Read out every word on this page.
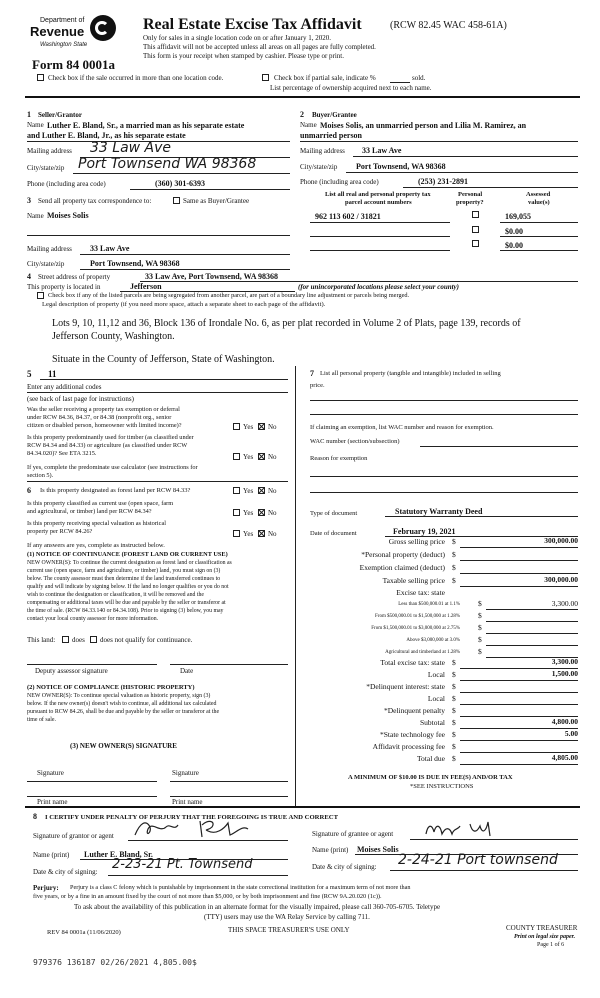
Department of
Revenue
Washington State
Real Estate Excise Tax Affidavit	(RCW 82.45 WAC 458-61A)
Only for sales in a single location code on or after January 1, 2020.
This affidavit will not be accepted unless all areas on all pages are fully completed.
This form is your receipt when stamped by cashier. Please type or print.
Form 84 0001a
Check box if the sale occurred in more than one location code.	Check box if partial sale, indicate %	sold.
List percentage of ownership acquired next to each name.
1 Seller/Grantor
Name Luther E. Bland, Sr., a married man as his separate estate
and Luther E. Bland, Jr., as his separate estate
Mailing address 33 Law Ave
City/state/zip Port Townsend WA 98368
Phone (including area code)	(360) 301-6393
2 Buyer/Grantee
Name Moises Solis, an unmarried person and Lilia M. Ramirez, an
unmarried person
Mailing address 33 Law Ave
City/state/zip Port Townsend, WA 98368
Phone (including area code)	(253) 231-2891
List all real and personal property tax
parcel account numbers
Personal
property?
Assessed
value(s)
962 113 602 / 31821	169,055
$0.00
$0.00
3 Send all property tax correspondence to:	Same as Buyer/Grantee
Name Moises Solis
Mailing address 33 Law Ave
City/state/zip	Port Townsend, WA 98368
4 Street address of property	33 Law Ave, Port Townsend, WA 98368
This property is located in	Jefferson	(for unincorporated locations please select your county)
Check box if any of the listed parcels are being segregated from another parcel, are part of a boundary line adjustment or parcels being merged.
Legal description of property (if you need more space, attach a separate sheet to each page of the affidavit).
Lots 9, 10, 11,12 and 36, Block 136 of Irondale No. 6, as per plat recorded in Volume 2 of Plats, page 139, records of
Jefferson County, Washington.
Situate in the County of Jefferson, State of Washington.
5 11
Enter any additional codes
(see back of last page for instructions)
Was the seller receiving a property tax exemption or deferral
under RCW 84.36, 84.37, or 84.38 (nonprofit org., senior
citizen or disabled person, homeowner with limited income)?	Yes No
Is this property predominantly used for timber (as classified under
RCW 84.34 and 84.33) or agriculture (as classified under RCW
84.34.020)? See ETA 3215.	Yes No
If yes, complete the predominate use calculator (see instructions for
section 5).
6 Is this property designated as forest land per RCW 84.33?	Yes No
Is this property classified as current use (open space, farm
and agricultural, or timber) land per RCW 84.34?	Yes No
Is this property receiving special valuation as historical
property per RCW 84.26?	Yes No
If any answers are yes, complete as instructed below.
(1) NOTICE OF CONTINUANCE (FOREST LAND OR CURRENT USE)
NEW OWNER(S): To continue the current designation as forest land or classification as
current use (open space, farm and agriculture, or timber) land, you must sign on (3)
below. The county assessor must then determine if the land transferred continues to
qualify and will indicate by signing below. If the land no longer qualifies or you do not
wish to continue the designation or classification, it will be removed and the
compensating or additional taxes will be due and payable by the seller or transferor at
the time of sale. (RCW 84.33.140 or 84.34.108). Prior to signing (3) below, you may
contact your local county assessor for more information.
This land: does does not qualify for continuance.
Deputy assessor signature	Date
(2) NOTICE OF COMPLIANCE (HISTORIC PROPERTY)
NEW OWNER(S): To continue special valuation as historic property, sign (3)
below. If the new owner(s) doesn't wish to continue, all additional tax calculated
pursuant to RCW 84.26, shall be due and payable by the seller or transferor at the
time of sale.
(3) NEW OWNER(S) SIGNATURE
Signature	Signature
Print name	Print name
7 List all personal property (tangible and intangible) included in selling
price.
If claiming an exemption, list WAC number and reason for exemption.
WAC number (section/subsection)
Reason for exemption
Type of document	Statutory Warranty Deed
Date of document	February 19, 2021
Gross selling price $	300,000.00
*Personal property (deduct) $
Exemption claimed (deduct) $
Taxable selling price $	300,000.00
Excise tax: state
Less than $500,000.01 at 1.1% $	3,300.00
From $500,000.01 to $1,500,000 at 1.28% $
From $1,500,000.01 to $3,000,000 at 2.75% $
Above $3,000,000 at 3.0% $
Agricultural and timberland at 1.28% $
Total excise tax: state $	3,300.00
Local $	1,500.00
*Delinquent interest: state $
Local $
*Delinquent penalty $
Subtotal $	4,800.00
*State technology fee $	5.00
Affidavit processing fee $
Total due $	4,805.00
A MINIMUM OF $10.00 IS DUE IN FEE(S) AND/OR TAX
*SEE INSTRUCTIONS
8 I CERTIFY UNDER PENALTY OF PERJURY THAT THE FOREGOING IS TRUE AND CORRECT
Signature of grantor or agent	Signature of grantee or agent
Name (print) Luther E. Bland, Sr.	Name (print) Moises Solis
Date & city of signing: 2-23-21 Pt. Townsend	Date & city of signing: 2-24-21 Port townsend
Perjury: Perjury is a class C felony which is punishable by imprisonment in the state correctional institution for a maximum term of not more than
five years, or by a fine in an amount fixed by the court of not more than $5,000, or by both imprisonment and fine (RCW 9A.20.020 (1c)).
To ask about the availability of this publication in an alternate format for the visually impaired, please call 360-705-6705. Teletype
(TTY) users may use the WA Relay Service by calling 711.
REV 84 0001a (11/06/2020)	THIS SPACE TREASURER'S USE ONLY	COUNTY TREASURER
Print on legal size paper.
Page 1 of 6
979376 136187 02/26/2021 4,805.00$
